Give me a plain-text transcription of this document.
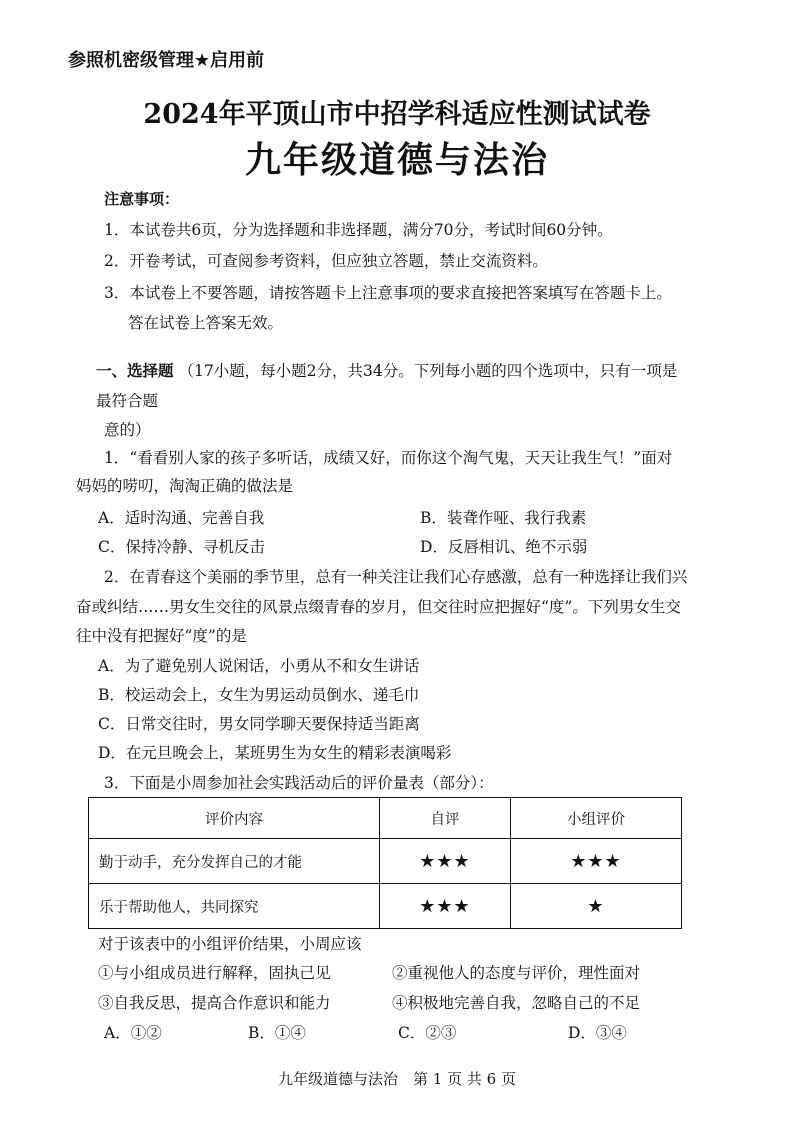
参照机密级管理★启用前
2024年平顶山市中招学科适应性测试试卷
九年级道德与法治
注意事项：
1．本试卷共6页，分为选择题和非选择题，满分70分，考试时间60分钟。
2．开卷考试，可查阅参考资料，但应独立答题，禁止交流资料。
3．本试卷上不要答题，请按答题卡上注意事项的要求直接把答案填写在答题卡上。
答在试卷上答案无效。
一、选择题 （17小题，每小题2分，共34分。下列每小题的四个选项中，只有一项是
最符合题
意的）
1．“看看别人家的孩子多听话，成绩又好，而你这个淘气鬼，天天让我生气！”面对
妈妈的唠叨，淘淘正确的做法是
A．适时沟通、完善自我	B．装聋作哑、我行我素
C．保持冷静、寻机反击	D．反唇相讥、绝不示弱
2．在青春这个美丽的季节里，总有一种关注让我们心存感激，总有一种选择让我们兴
奋或纠结……男女生交往的风景点缀青春的岁月，但交往时应把握好“度”。下列男女生交
往中没有把握好“度”的是
A．为了避免别人说闲话，小勇从不和女生讲话
B．校运动会上，女生为男运动员倒水、递毛巾
C．日常交往时，男女同学聊天要保持适当距离
D．在元旦晚会上，某班男生为女生的精彩表演喝彩
3．下面是小周参加社会实践活动后的评价量表（部分）：
评价内容	自评	小组评价
勤于动手，充分发挥自己的才能	★★★	★★★
乐于帮助他人，共同探究	★★★	★
对于该表中的小组评价结果，小周应该
①与小组成员进行解释，固执己见	②重视他人的态度与评价，理性面对
③自我反思，提高合作意识和能力	④积极地完善自我，忽略自己的不足
A．①②	B．①④	C．②③	D．③④
九年级道德与法治　第 1 页 共 6 页
